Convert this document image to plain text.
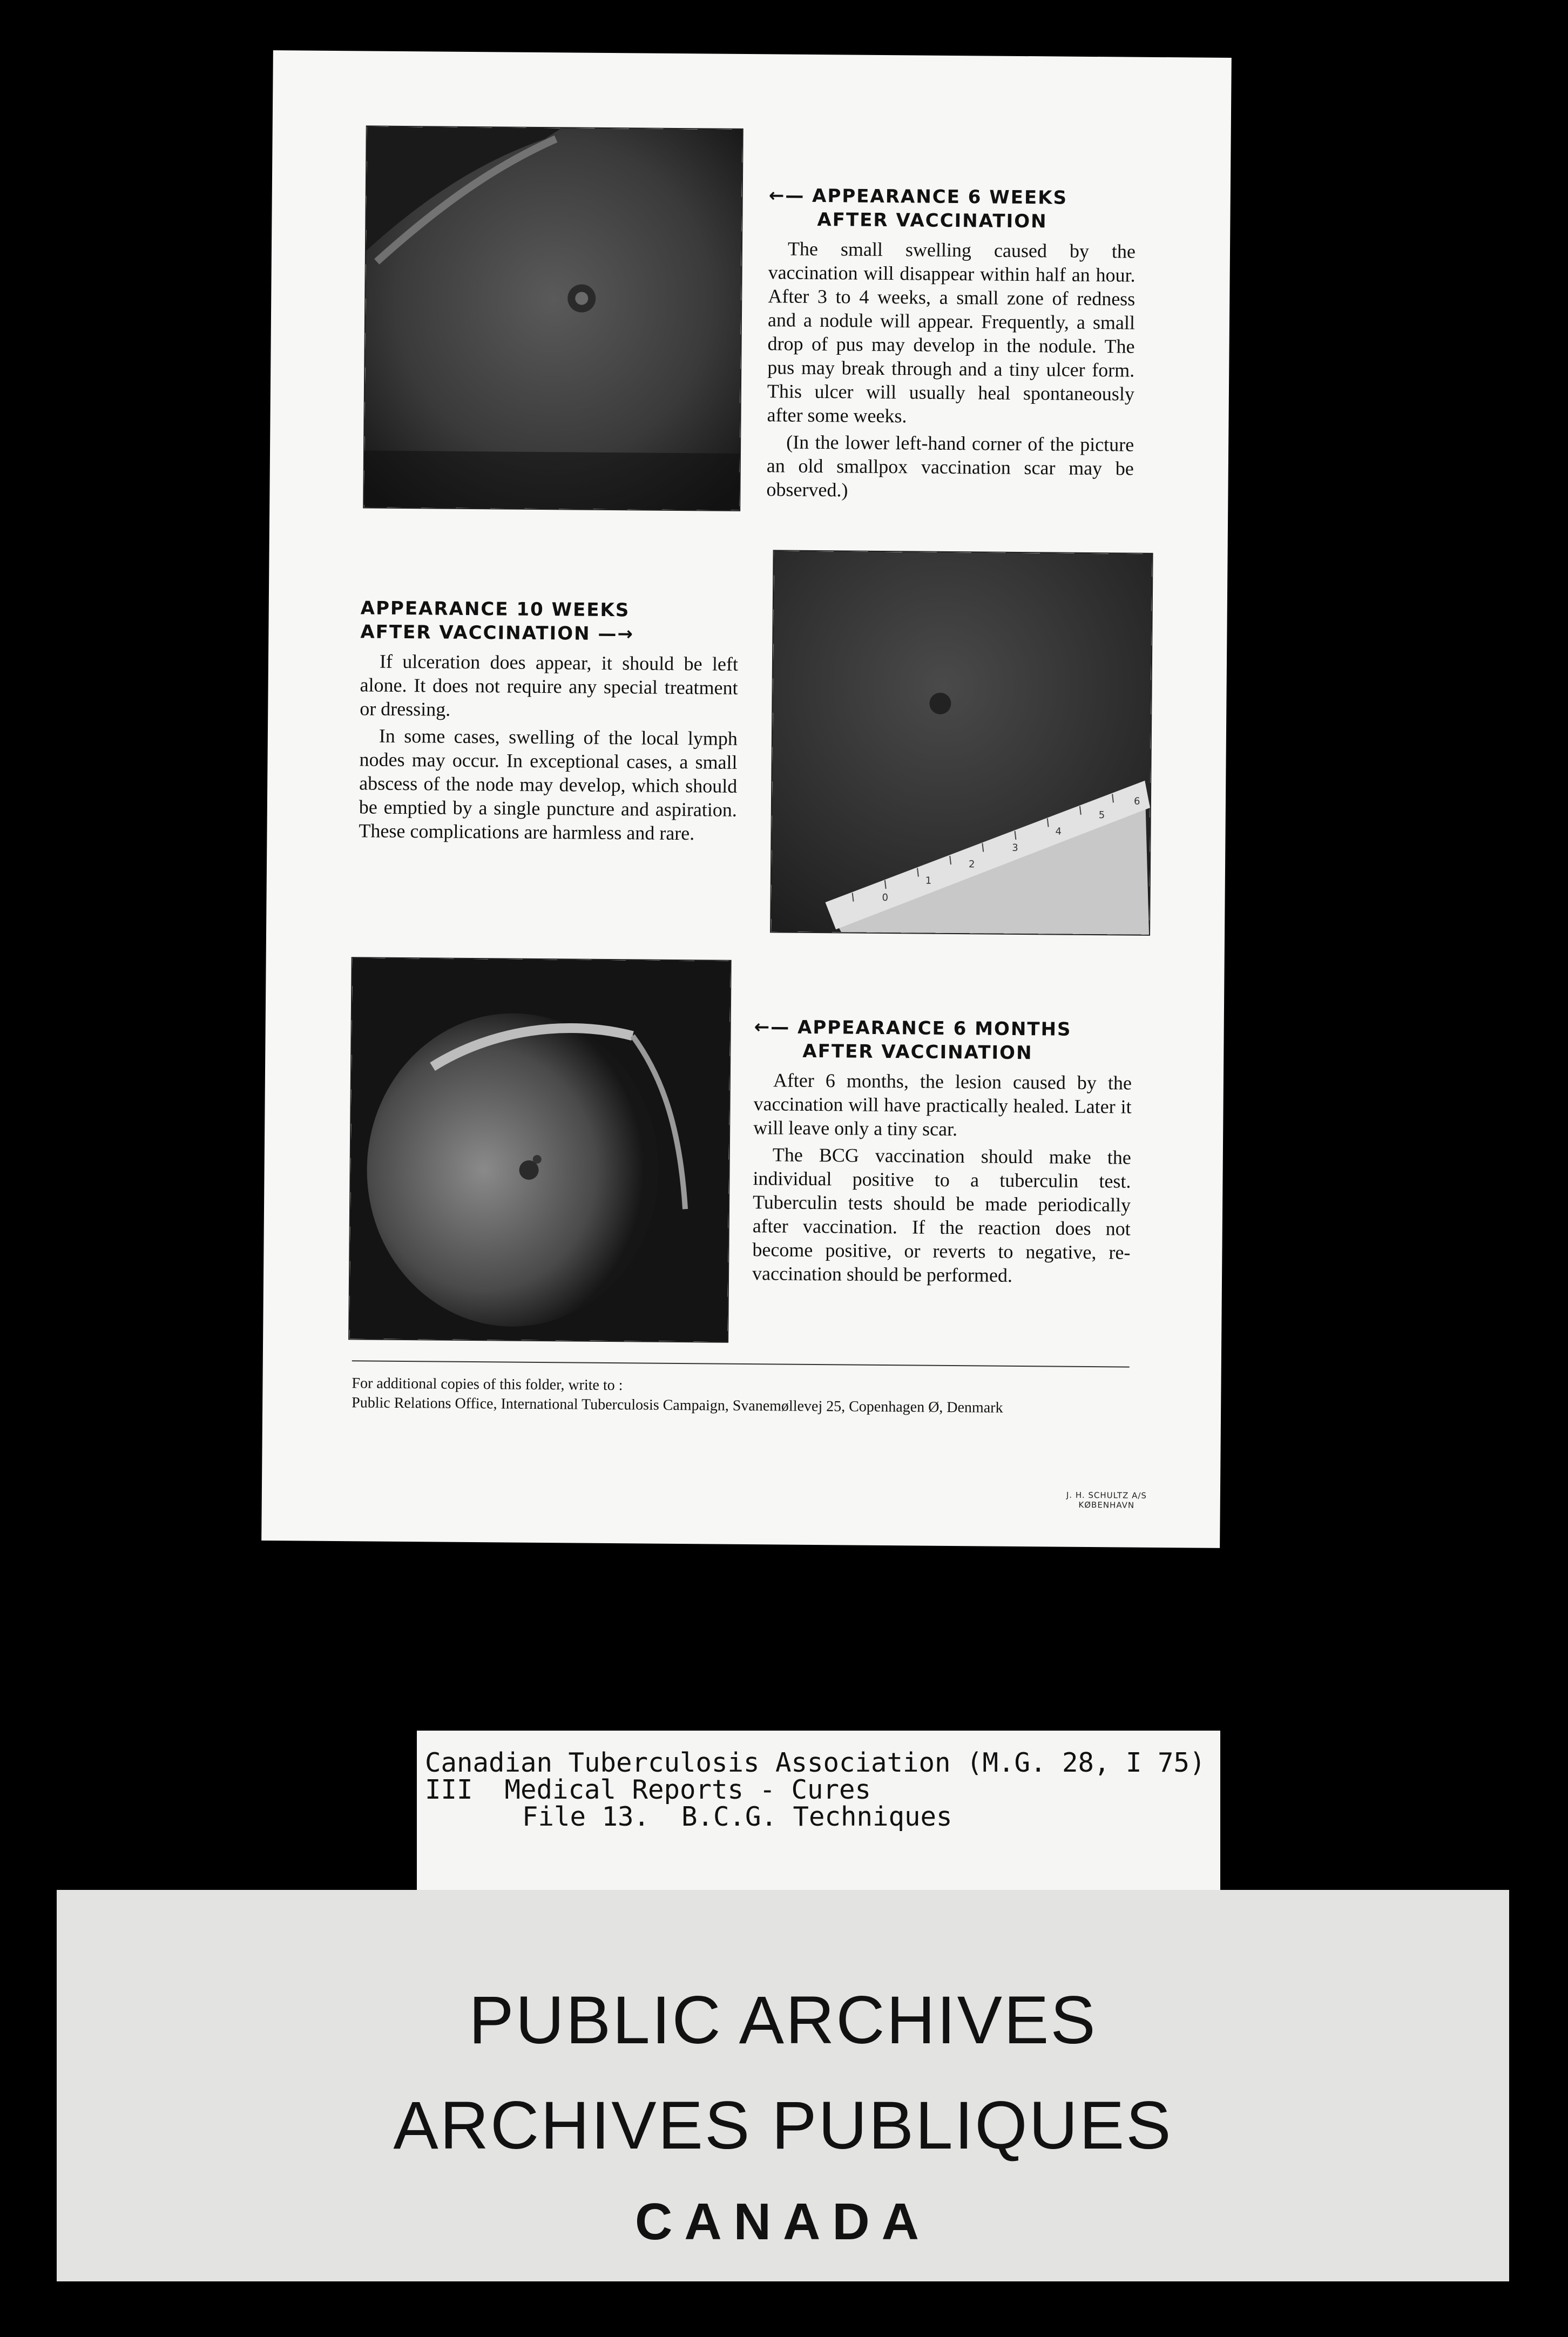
←— APPEARANCE 6 WEEKS
AFTER VACCINATION

The small swelling caused by the vaccination will disappear within half an hour. After 3 to 4 weeks, a small zone of redness and a nodule will appear. Frequently, a small drop of pus may develop in the nodule. The pus may break through and a tiny ulcer form. This ulcer will usually heal spontaneously after some weeks.

(In the lower left-hand corner of the picture an old smallpox vaccination scar may be observed.)

APPEARANCE 10 WEEKS
AFTER VACCINATION —→

If ulceration does appear, it should be left alone. It does not require any special treatment or dressing.

In some cases, swelling of the local lymph nodes may occur. In exceptional cases, a small abscess of the node may develop, which should be emptied by a single puncture and aspiration. These complications are harmless and rare.

0
1
2
3
4
5
6
←— APPEARANCE 6 MONTHS
AFTER VACCINATION

After 6 months, the lesion caused by the vaccination will have practically healed. Later it will leave only a tiny scar.

The BCG vaccination should make the individual positive to a tuberculin test. Tuberculin tests should be made periodically after vaccination. If the reaction does not become positive, or reverts to negative, re-vaccination should be performed.

For additional copies of this folder, write to :
Public Relations Office, International Tuberculosis Campaign, Svanemøllevej 25, Copenhagen Ø, Denmark
J. H. SCHULTZ A/S
KØBENHAVN
Canadian Tuberculosis Association (M.G. 28, I 75)
III  Medical Reports - Cures
File 13.  B.C.G. Techniques
PUBLIC ARCHIVES
ARCHIVES PUBLIQUES
CANADA
